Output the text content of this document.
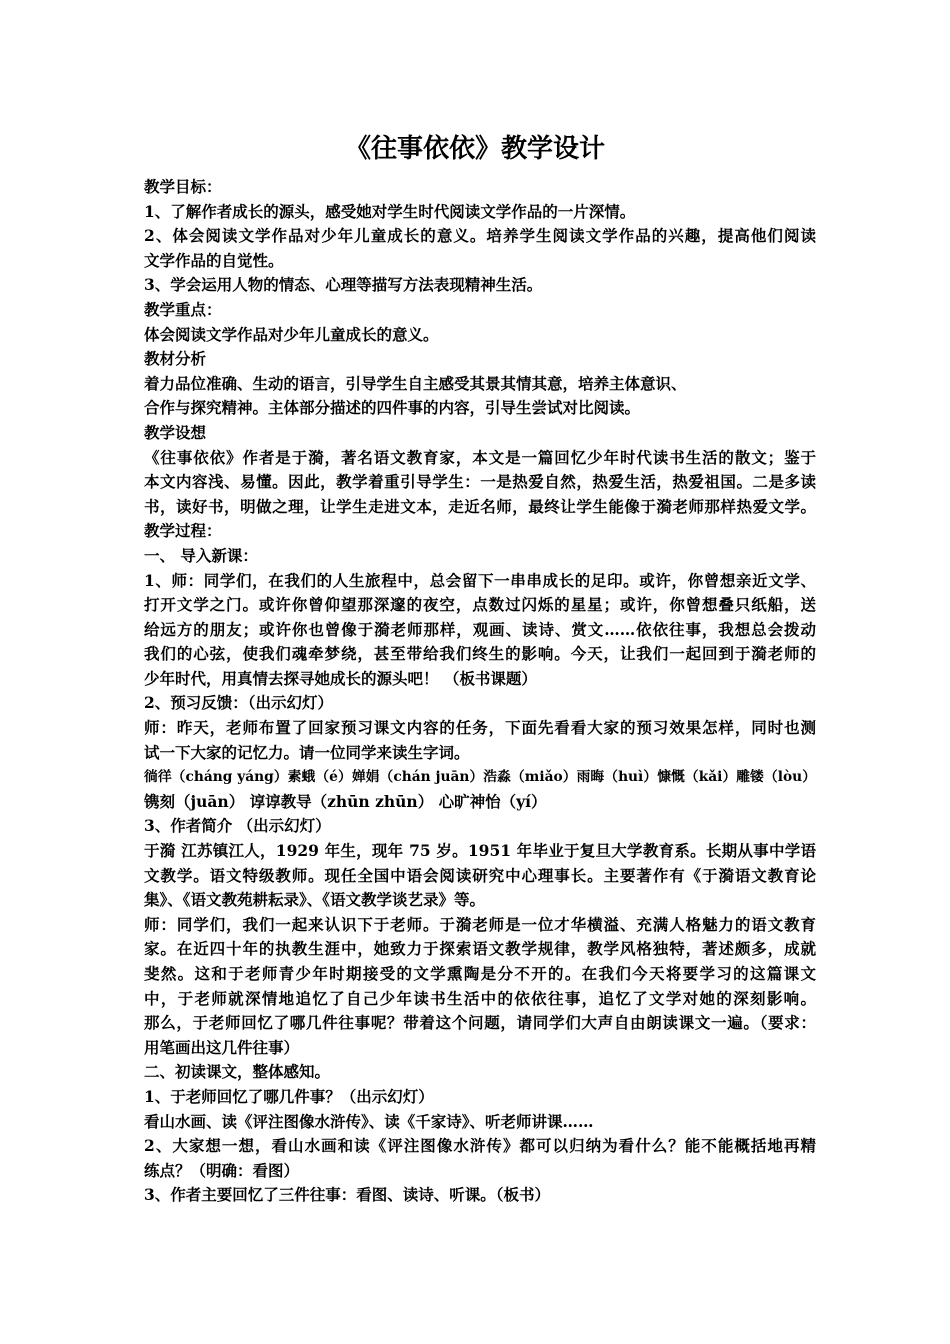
《往事依依》教学设计
教学目标：
1、了解作者成长的源头，感受她对学生时代阅读文学作品的一片深情。
2、体会阅读文学作品对少年儿童成长的意义。培养学生阅读文学作品的兴趣，提高他们阅读
文学作品的自觉性。
3、学会运用人物的情态、心理等描写方法表现精神生活。
教学重点：
体会阅读文学作品对少年儿童成长的意义。
教材分析
着力品位准确、生动的语言，引导学生自主感受其景其情其意，培养主体意识、
合作与探究精神。主体部分描述的四件事的内容，引导生尝试对比阅读。
教学设想
《往事依依》作者是于漪，著名语文教育家，本文是一篇回忆少年时代读书生活的散文；鉴于
本文内容浅、易懂。因此，教学着重引导学生：一是热爱自然，热爱生活，热爱祖国。二是多读
书，读好书，明做之理，让学生走进文本，走近名师，最终让学生能像于漪老师那样热爱文学。
教学过程：
一、 导入新课：
1、师：同学们，在我们的人生旅程中，总会留下一串串成长的足印。或许，你曾想亲近文学、
打开文学之门。或许你曾仰望那深邃的夜空，点数过闪烁的星星；或许，你曾想叠只纸船，送
给远方的朋友；或许你也曾像于漪老师那样，观画、读诗、赏文……依依往事，我想总会拨动
我们的心弦，使我们魂牵梦绕，甚至带给我们终生的影响。今天，让我们一起回到于漪老师的
少年时代，用真情去探寻她成长的源头吧！ （板书课题）
2、预习反馈：（出示幻灯）
师：昨天，老师布置了回家预习课文内容的任务，下面先看看大家的预习效果怎样，同时也测
试一下大家的记忆力。请一位同学来读生字词。
徜徉（cháng yáng）素蛾（é）婵娟（chán juān）浩淼（miǎo）雨晦（huì）慷慨（kǎi）雕镂（lòu）
镌刻（juān） 谆谆教导（zhūn zhūn） 心旷神怡（yí）
3、作者简介 （出示幻灯）
于漪 江苏镇江人，1929 年生，现年 75 岁。1951 年毕业于复旦大学教育系。长期从事中学语
文教学。语文特级教师。现任全国中语会阅读研究中心理事长。主要著作有《于漪语文教育论
集》、《语文教苑耕耘录》、《语文教学谈艺录》等。
师：同学们，我们一起来认识下于老师。于漪老师是一位才华横溢、充满人格魅力的语文教育
家。在近四十年的执教生涯中，她致力于探索语文教学规律，教学风格独特，著述颇多，成就
斐然。这和于老师青少年时期接受的文学熏陶是分不开的。在我们今天将要学习的这篇课文
中，于老师就深情地追忆了自己少年读书生活中的依依往事，追忆了文学对她的深刻影响。
那么，于老师回忆了哪几件往事呢？带着这个问题，请同学们大声自由朗读课文一遍。（要求：
用笔画出这几件往事）
二、初读课文，整体感知。
1、于老师回忆了哪几件事？（出示幻灯）
看山水画、读《评注图像水浒传》、读《千家诗》、听老师讲课……
2、大家想一想，看山水画和读《评注图像水浒传》都可以归纳为看什么？能不能概括地再精
练点？（明确：看图）
3、作者主要回忆了三件往事：看图、读诗、听课。（板书）
